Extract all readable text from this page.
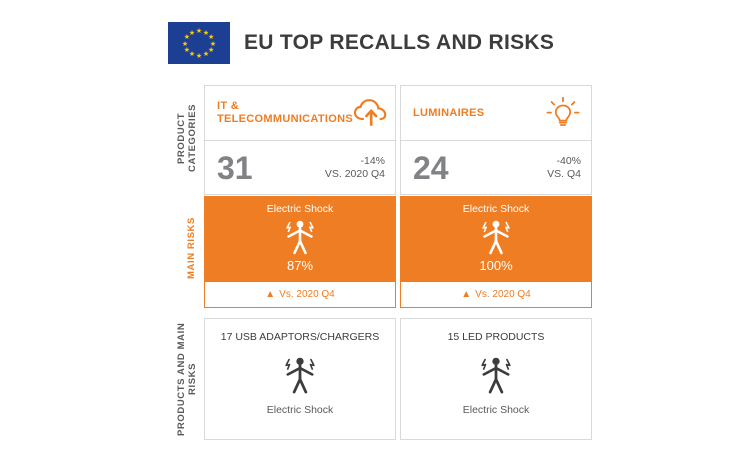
★ ★
★
★
★
★
★
★
★
★
★
★ EU TOP RECALLS AND RISKS
PRODUCT CATEGORIES
MAIN RISKS
PRODUCTS AND MAIN RISKS
IT & TELECOMMUNICATIONS
31	-14%
VS. 2020 Q4
Electric Shock
87%
▲ Vs. 2020 Q4
17 USB ADAPTORS/CHARGERS
Electric Shock
LUMINAIRES
24	-40%
VS. Q4
Electric Shock
100%
▲ Vs. 2020 Q4
15 LED PRODUCTS
Electric Shock
